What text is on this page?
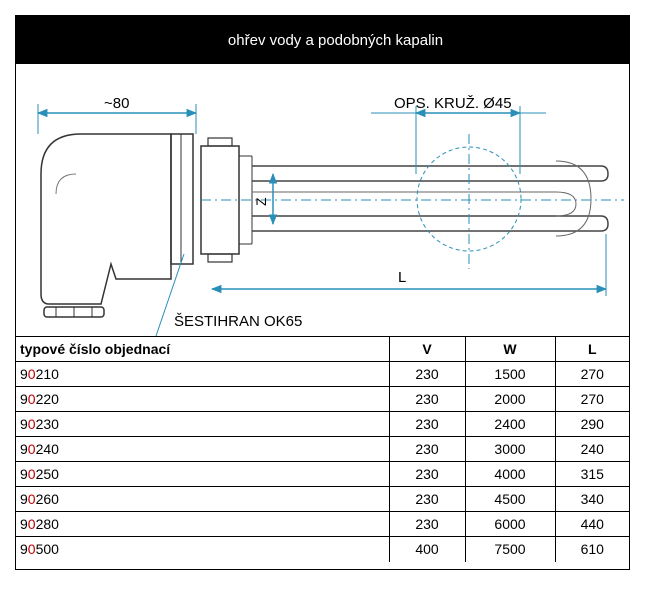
ohřev vody a podobných kapalin
~80	OPS. KRUŽ. Ø45
Z
L
ŠESTIHRAN OK65
typové číslo objednací	V	W	L
90210	230	1500	270
90220	230	2000	270
90230	230	2400	290
90240	230	3000	240
90250	230	4000	315
90260	230	4500	340
90280	230	6000	440
90500	400	7500	610
